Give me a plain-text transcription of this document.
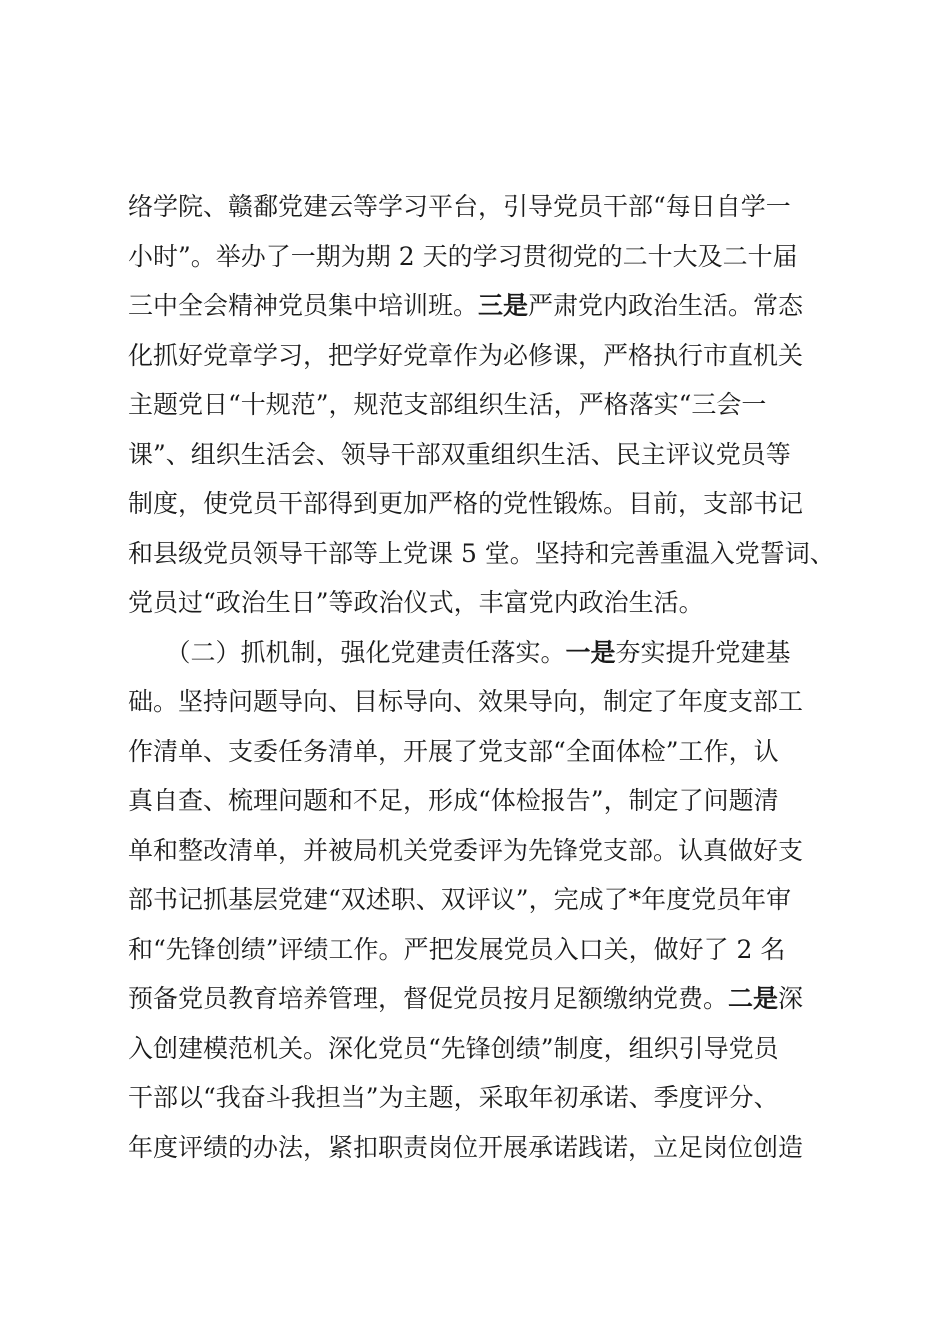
络学院、赣鄱党建云等学习平台，引导党员干部“每日自学一
小时”。举办了一期为期 2 天的学习贯彻党的二十大及二十届
三中全会精神党员集中培训班。三是严肃党内政治生活。常态
化抓好党章学习，把学好党章作为必修课，严格执行市直机关
主题党日“十规范”，规范支部组织生活，严格落实“三会一
课”、组织生活会、领导干部双重组织生活、民主评议党员等
制度，使党员干部得到更加严格的党性锻炼。目前，支部书记
和县级党员领导干部等上党课 5 堂。坚持和完善重温入党誓词、
党员过“政治生日”等政治仪式，丰富党内政治生活。
　　（二）抓机制，强化党建责任落实。一是夯实提升党建基
础。坚持问题导向、目标导向、效果导向，制定了年度支部工
作清单、支委任务清单，开展了党支部“全面体检”工作，认
真自查、梳理问题和不足，形成“体检报告”，制定了问题清
单和整改清单，并被局机关党委评为先锋党支部。认真做好支
部书记抓基层党建“双述职、双评议”，完成了*年度党员年审
和“先锋创绩”评绩工作。严把发展党员入口关，做好了 2 名
预备党员教育培养管理，督促党员按月足额缴纳党费。二是深
入创建模范机关。深化党员“先锋创绩”制度，组织引导党员
干部以“我奋斗我担当”为主题，采取年初承诺、季度评分、
年度评绩的办法，紧扣职责岗位开展承诺践诺，立足岗位创造
